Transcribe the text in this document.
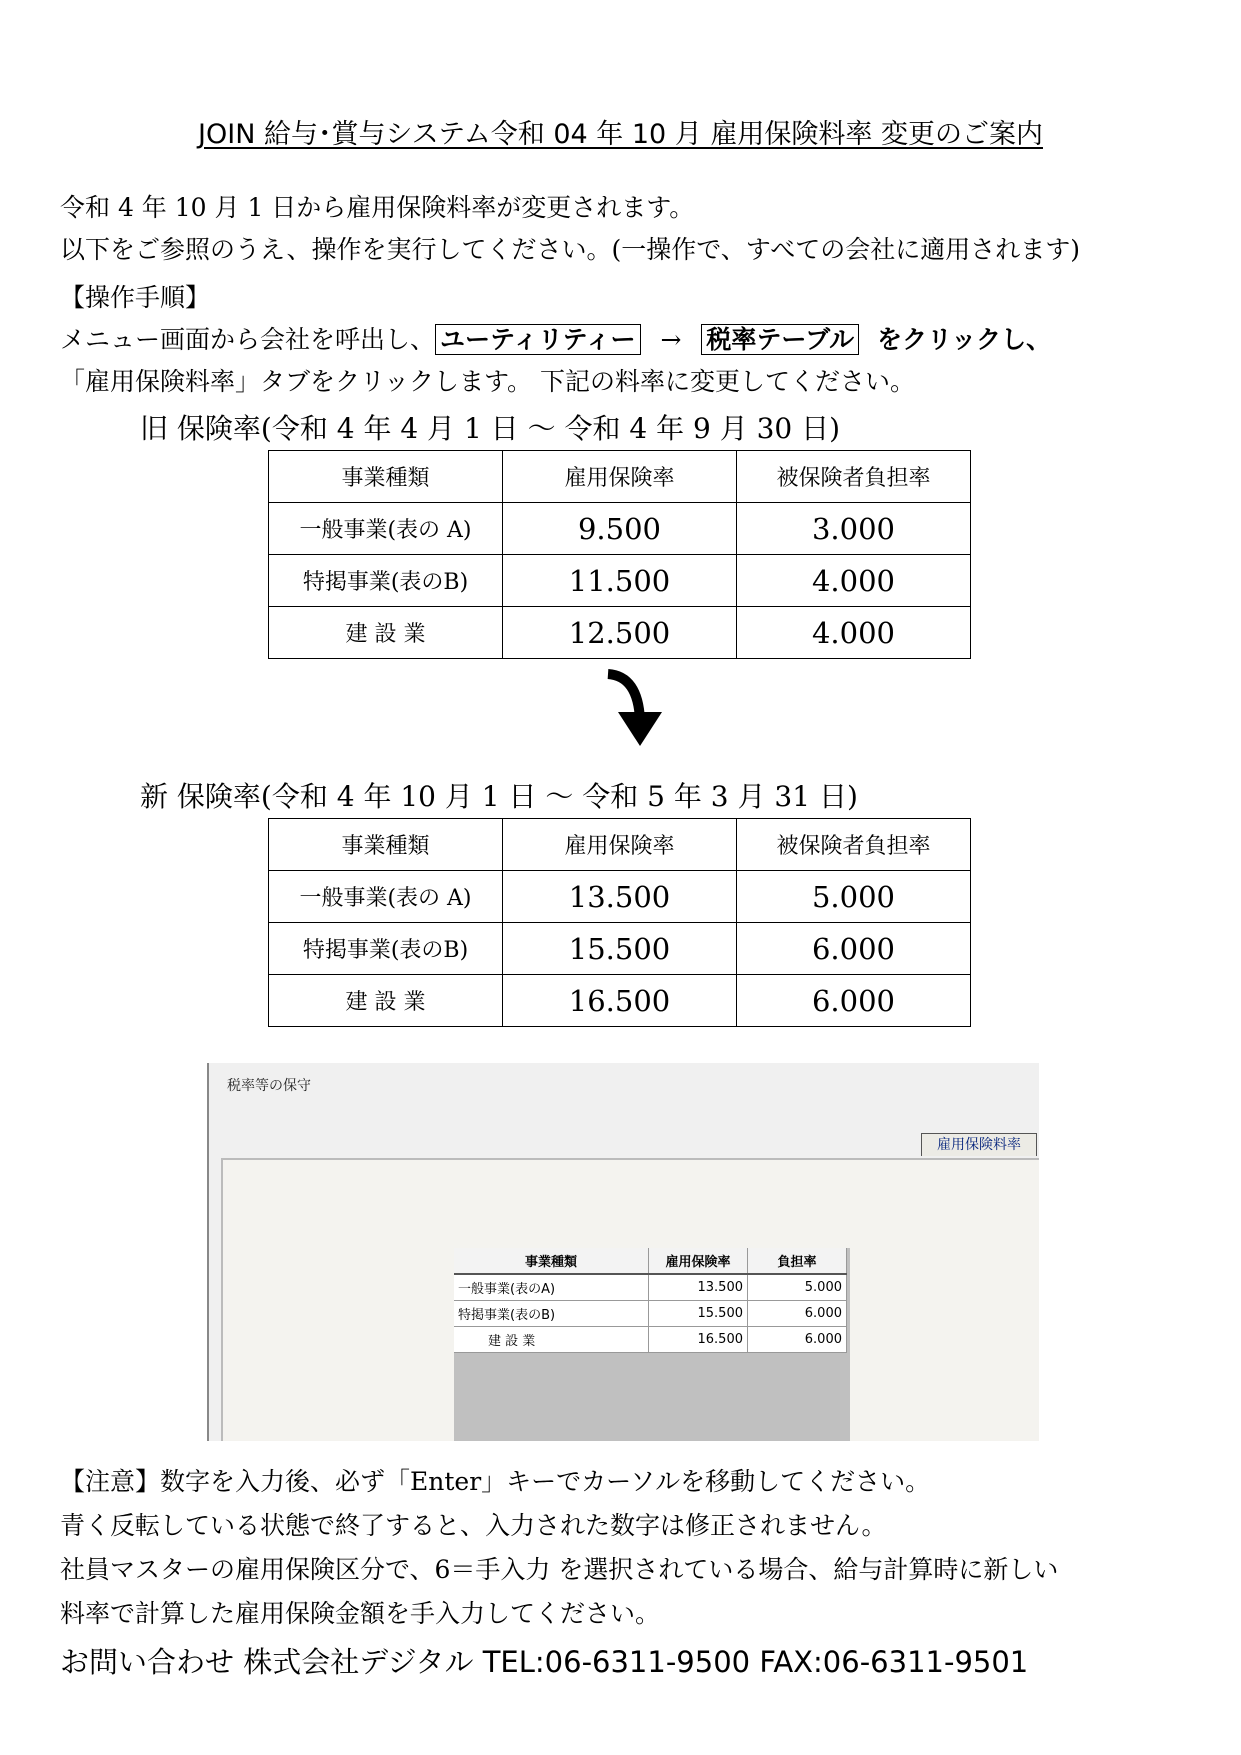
JOIN 給与･賞与システム令和 04 年 10 月 雇用保険料率 変更のご案内
令和 4 年 10 月 1 日から雇用保険料率が変更されます。
以下をご参照のうえ、操作を実行してください。(一操作で、すべての会社に適用されます)
【操作手順】
メニュー画面から会社を呼出し、 ユーティリティー → 税率テーブル をクリックし、
「雇用保険料率」タブをクリックします。 下記の料率に変更してください。
旧 保険率(令和 4 年 4 月 1 日 ～ 令和 4 年 9 月 30 日)
事業種類	雇用保険率	被保険者負担率
一般事業(表の A)	9.500	3.000
特掲事業(表のB)	11.500	4.000
建 設 業	12.500	4.000
新 保険率(令和 4 年 10 月 1 日 ～ 令和 5 年 3 月 31 日)
事業種類	雇用保険率	被保険者負担率
一般事業(表の A)	13.500	5.000
特掲事業(表のB)	15.500	6.000
建 設 業	16.500	6.000
税率等の保守
雇用保険料率
事業種類	雇用保険率	負担率
一般事業(表のA)	13.500	5.000
特掲事業(表のB)	15.500	6.000
建 設 業	16.500	6.000
【注意】数字を入力後、必ず「Enter」キーでカーソルを移動してください。
青く反転している状態で終了すると、入力された数字は修正されません。
社員マスターの雇用保険区分で、6＝手入力 を選択されている場合、給与計算時に新しい
料率で計算した雇用保険金額を手入力してください。
お問い合わせ 株式会社デジタル TEL:06-6311-9500 FAX:06-6311-9501
